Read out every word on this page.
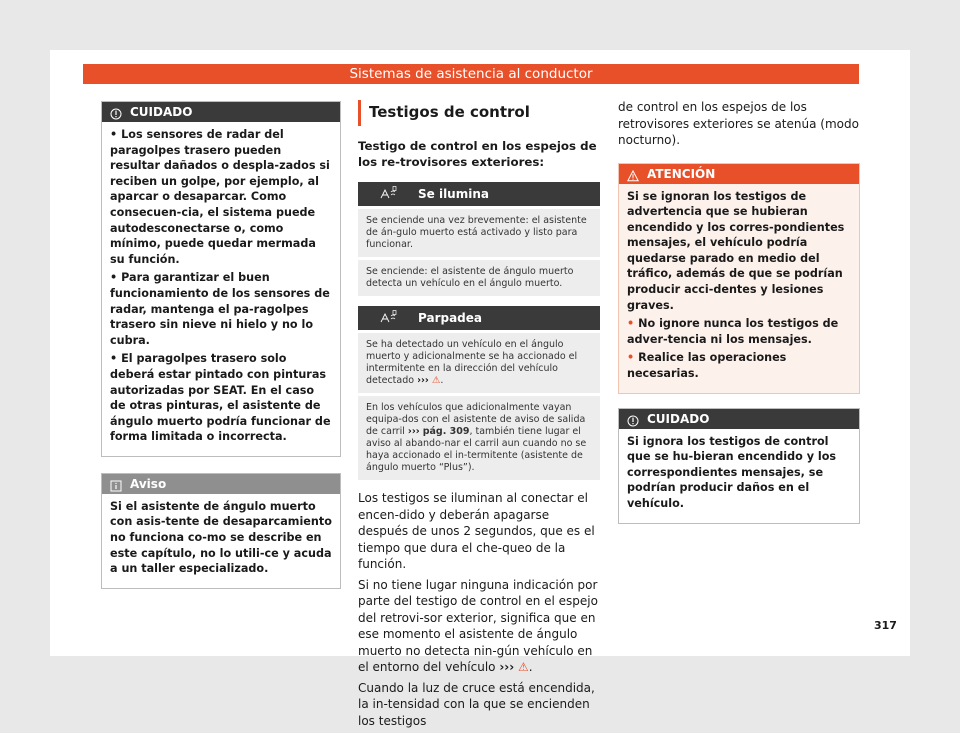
Sistemas de asistencia al conductor
CUIDADO

• Los sensores de radar del paragolpes trasero pueden resultar dañados o despla-zados si reciben un golpe, por ejemplo, al aparcar o desaparcar. Como consecuen-cia, el sistema puede autodesconectarse o, como mínimo, puede quedar mermada su función.

• Para garantizar el buen funcionamiento de los sensores de radar, mantenga el pa-ragolpes trasero sin nieve ni hielo y no lo cubra.

• El paragolpes trasero solo deberá estar pintado con pinturas autorizadas por SEAT. En el caso de otras pinturas, el asistente de ángulo muerto podría funcionar de forma limitada o incorrecta.

Aviso

Si el asistente de ángulo muerto con asis-tente de desaparcamiento no funciona co-mo se describe en este capítulo, no lo utili-ce y acuda a un taller especializado.

Testigos de control
Testigo de control en los espejos de los re-trovisores exteriores:
Se ilumina
Se enciende una vez brevemente: el asistente de án-gulo muerto está activado y listo para funcionar.
Se enciende: el asistente de ángulo muerto detecta un vehículo en el ángulo muerto.
Parpadea
Se ha detectado un vehículo en el ángulo muerto y adicionalmente se ha accionado el intermitente en la dirección del vehículo detectado ››› ⚠.
En los vehículos que adicionalmente vayan equipa-dos con el asistente de aviso de salida de carril ››› pág. 309, también tiene lugar el aviso al abando-nar el carril aun cuando no se haya accionado el in-termitente (asistente de ángulo muerto “Plus”).

Los testigos se iluminan al conectar el encen-dido y deberán apagarse después de unos 2 segundos, que es el tiempo que dura el che-queo de la función.

Si no tiene lugar ninguna indicación por parte del testigo de control en el espejo del retrovi-sor exterior, significa que en ese momento el asistente de ángulo muerto no detecta nin-gún vehículo en el entorno del vehículo ››› ⚠.

Cuando la luz de cruce está encendida, la in-tensidad con la que se encienden los testigos

de control en los espejos de los retrovisores exteriores se atenúa (modo nocturno).

ATENCIÓN

Si se ignoran los testigos de advertencia que se hubieran encendido y los corres-pondientes mensajes, el vehículo podría quedarse parado en medio del tráfico, además de que se podrían producir acci-dentes y lesiones graves.

• No ignore nunca los testigos de adver-tencia ni los mensajes.

• Realice las operaciones necesarias.

CUIDADO

Si ignora los testigos de control que se hu-bieran encendido y los correspondientes mensajes, se podrían producir daños en el vehículo.

317
